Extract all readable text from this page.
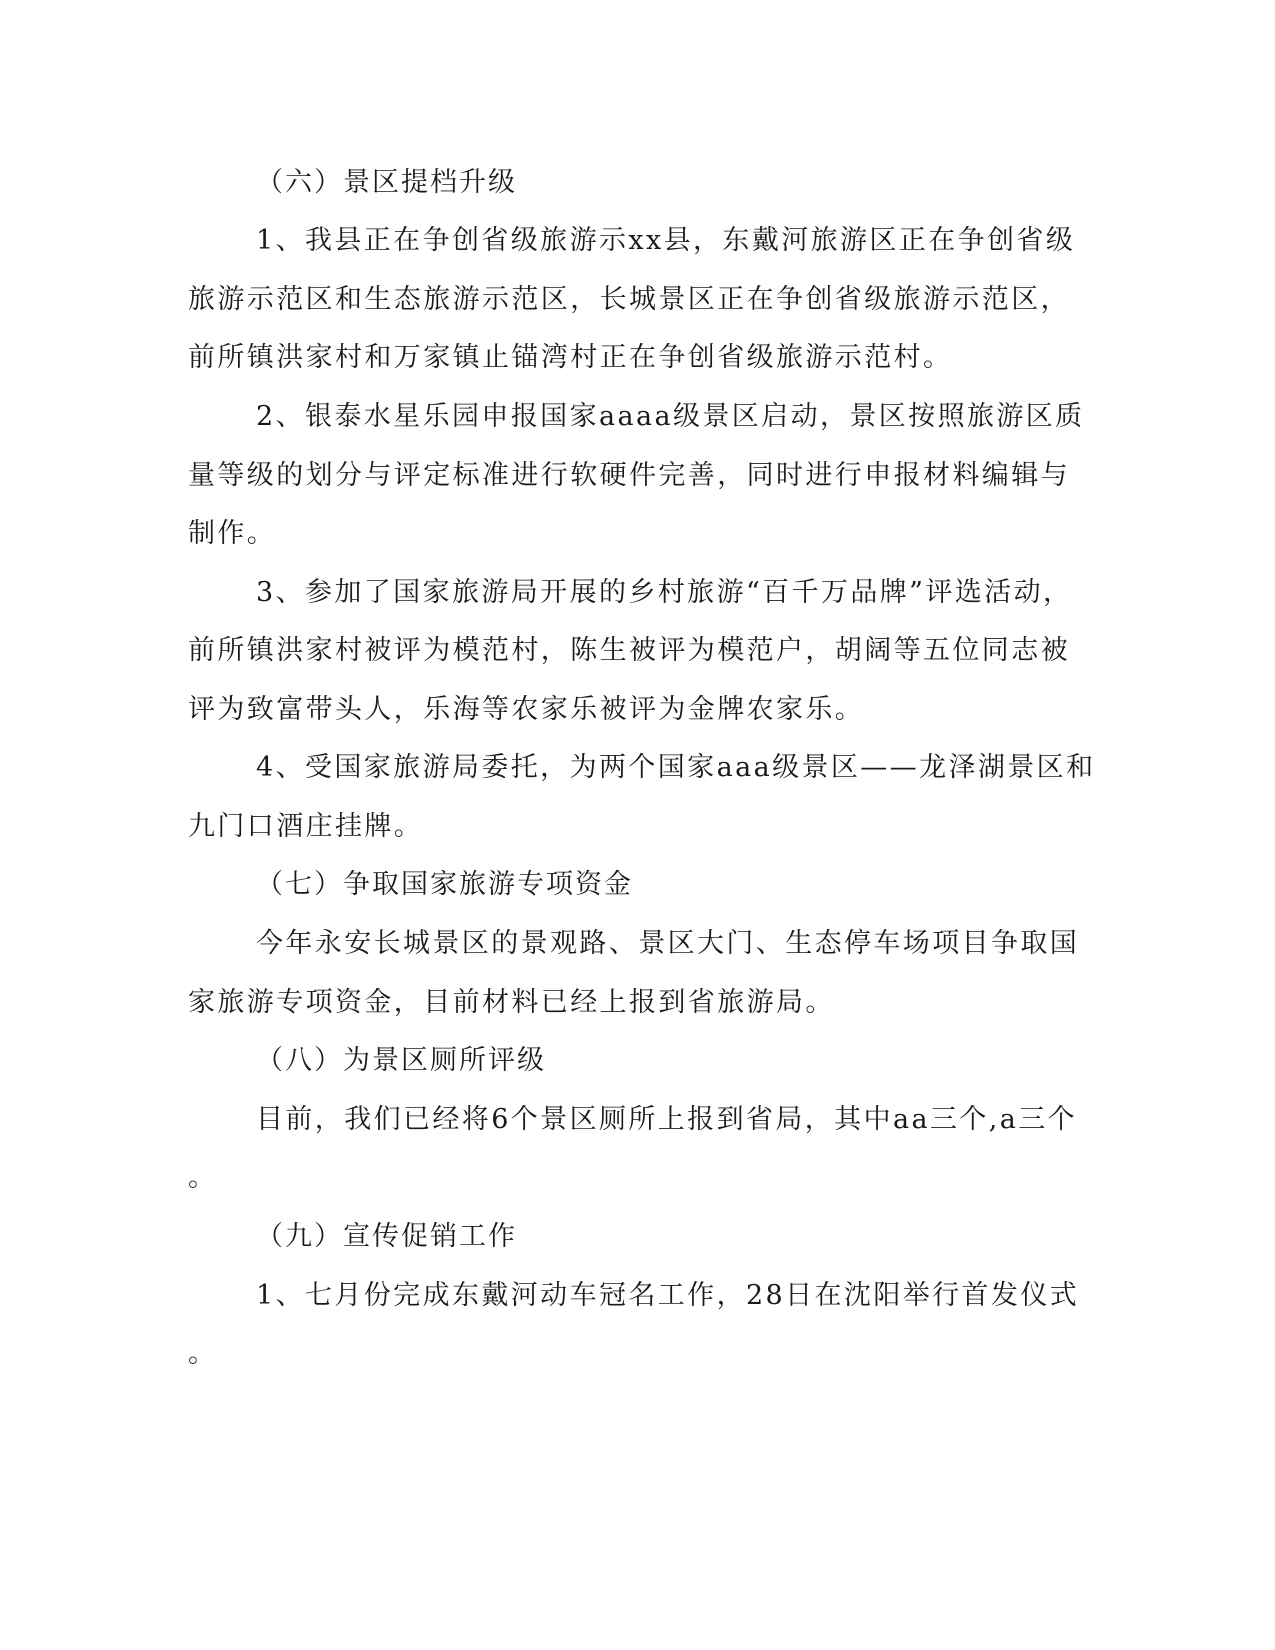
（六）景区提档升级
1、我县正在争创省级旅游示xx县，东戴河旅游区正在争创省级
旅游示范区和生态旅游示范区，长城景区正在争创省级旅游示范区，
前所镇洪家村和万家镇止锚湾村正在争创省级旅游示范村。
2、银泰水星乐园申报国家aaaa级景区启动，景区按照旅游区质
量等级的划分与评定标准进行软硬件完善，同时进行申报材料编辑与
制作。
3、参加了国家旅游局开展的乡村旅游“百千万品牌”评选活动，
前所镇洪家村被评为模范村，陈生被评为模范户，胡阔等五位同志被
评为致富带头人，乐海等农家乐被评为金牌农家乐。
4、受国家旅游局委托，为两个国家aaa级景区——龙泽湖景区和
九门口酒庄挂牌。
（七）争取国家旅游专项资金
今年永安长城景区的景观路、景区大门、生态停车场项目争取国
家旅游专项资金，目前材料已经上报到省旅游局。
（八）为景区厕所评级
目前，我们已经将6个景区厕所上报到省局，其中aa三个,a三个
。
（九）宣传促销工作
1、七月份完成东戴河动车冠名工作，28日在沈阳举行首发仪式
。
